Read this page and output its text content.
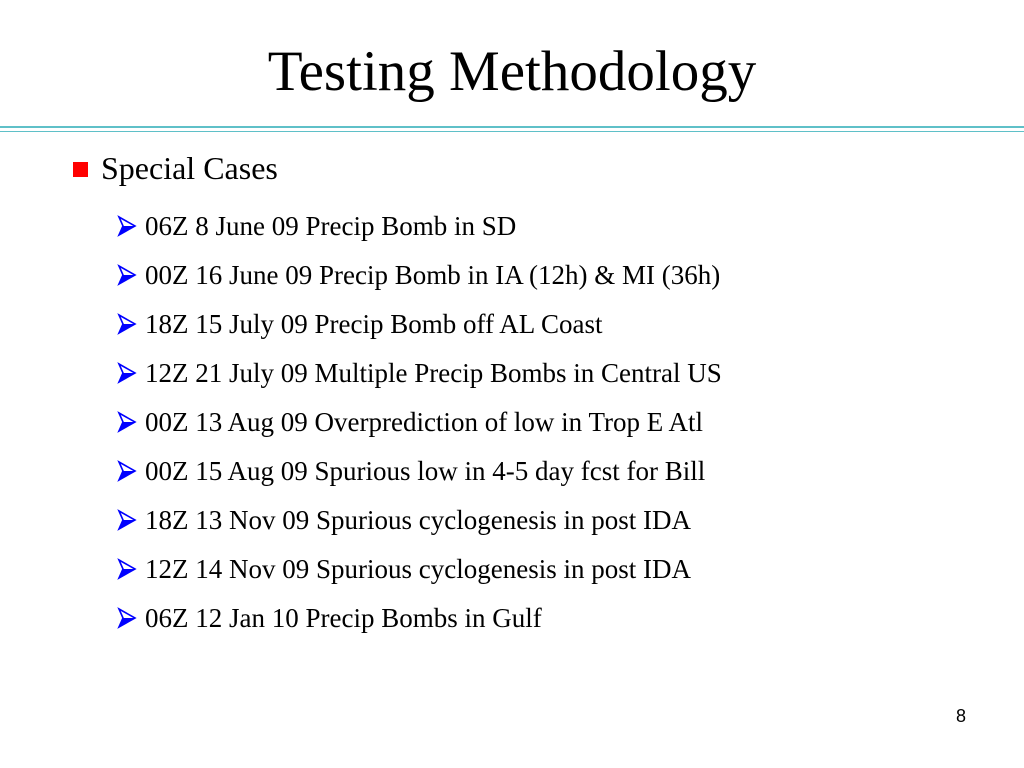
Testing Methodology
Special Cases
06Z 8 June 09 Precip Bomb in SD
00Z 16 June 09 Precip Bomb in IA (12h) & MI (36h)
18Z 15 July 09 Precip Bomb off AL Coast
12Z 21 July 09 Multiple Precip Bombs in Central US
00Z 13 Aug 09 Overprediction of low in Trop E Atl
00Z 15 Aug 09 Spurious low in 4-5 day fcst for Bill
18Z 13 Nov 09 Spurious cyclogenesis in post IDA
12Z 14 Nov 09 Spurious cyclogenesis in post IDA
06Z 12 Jan 10 Precip Bombs in Gulf
8
